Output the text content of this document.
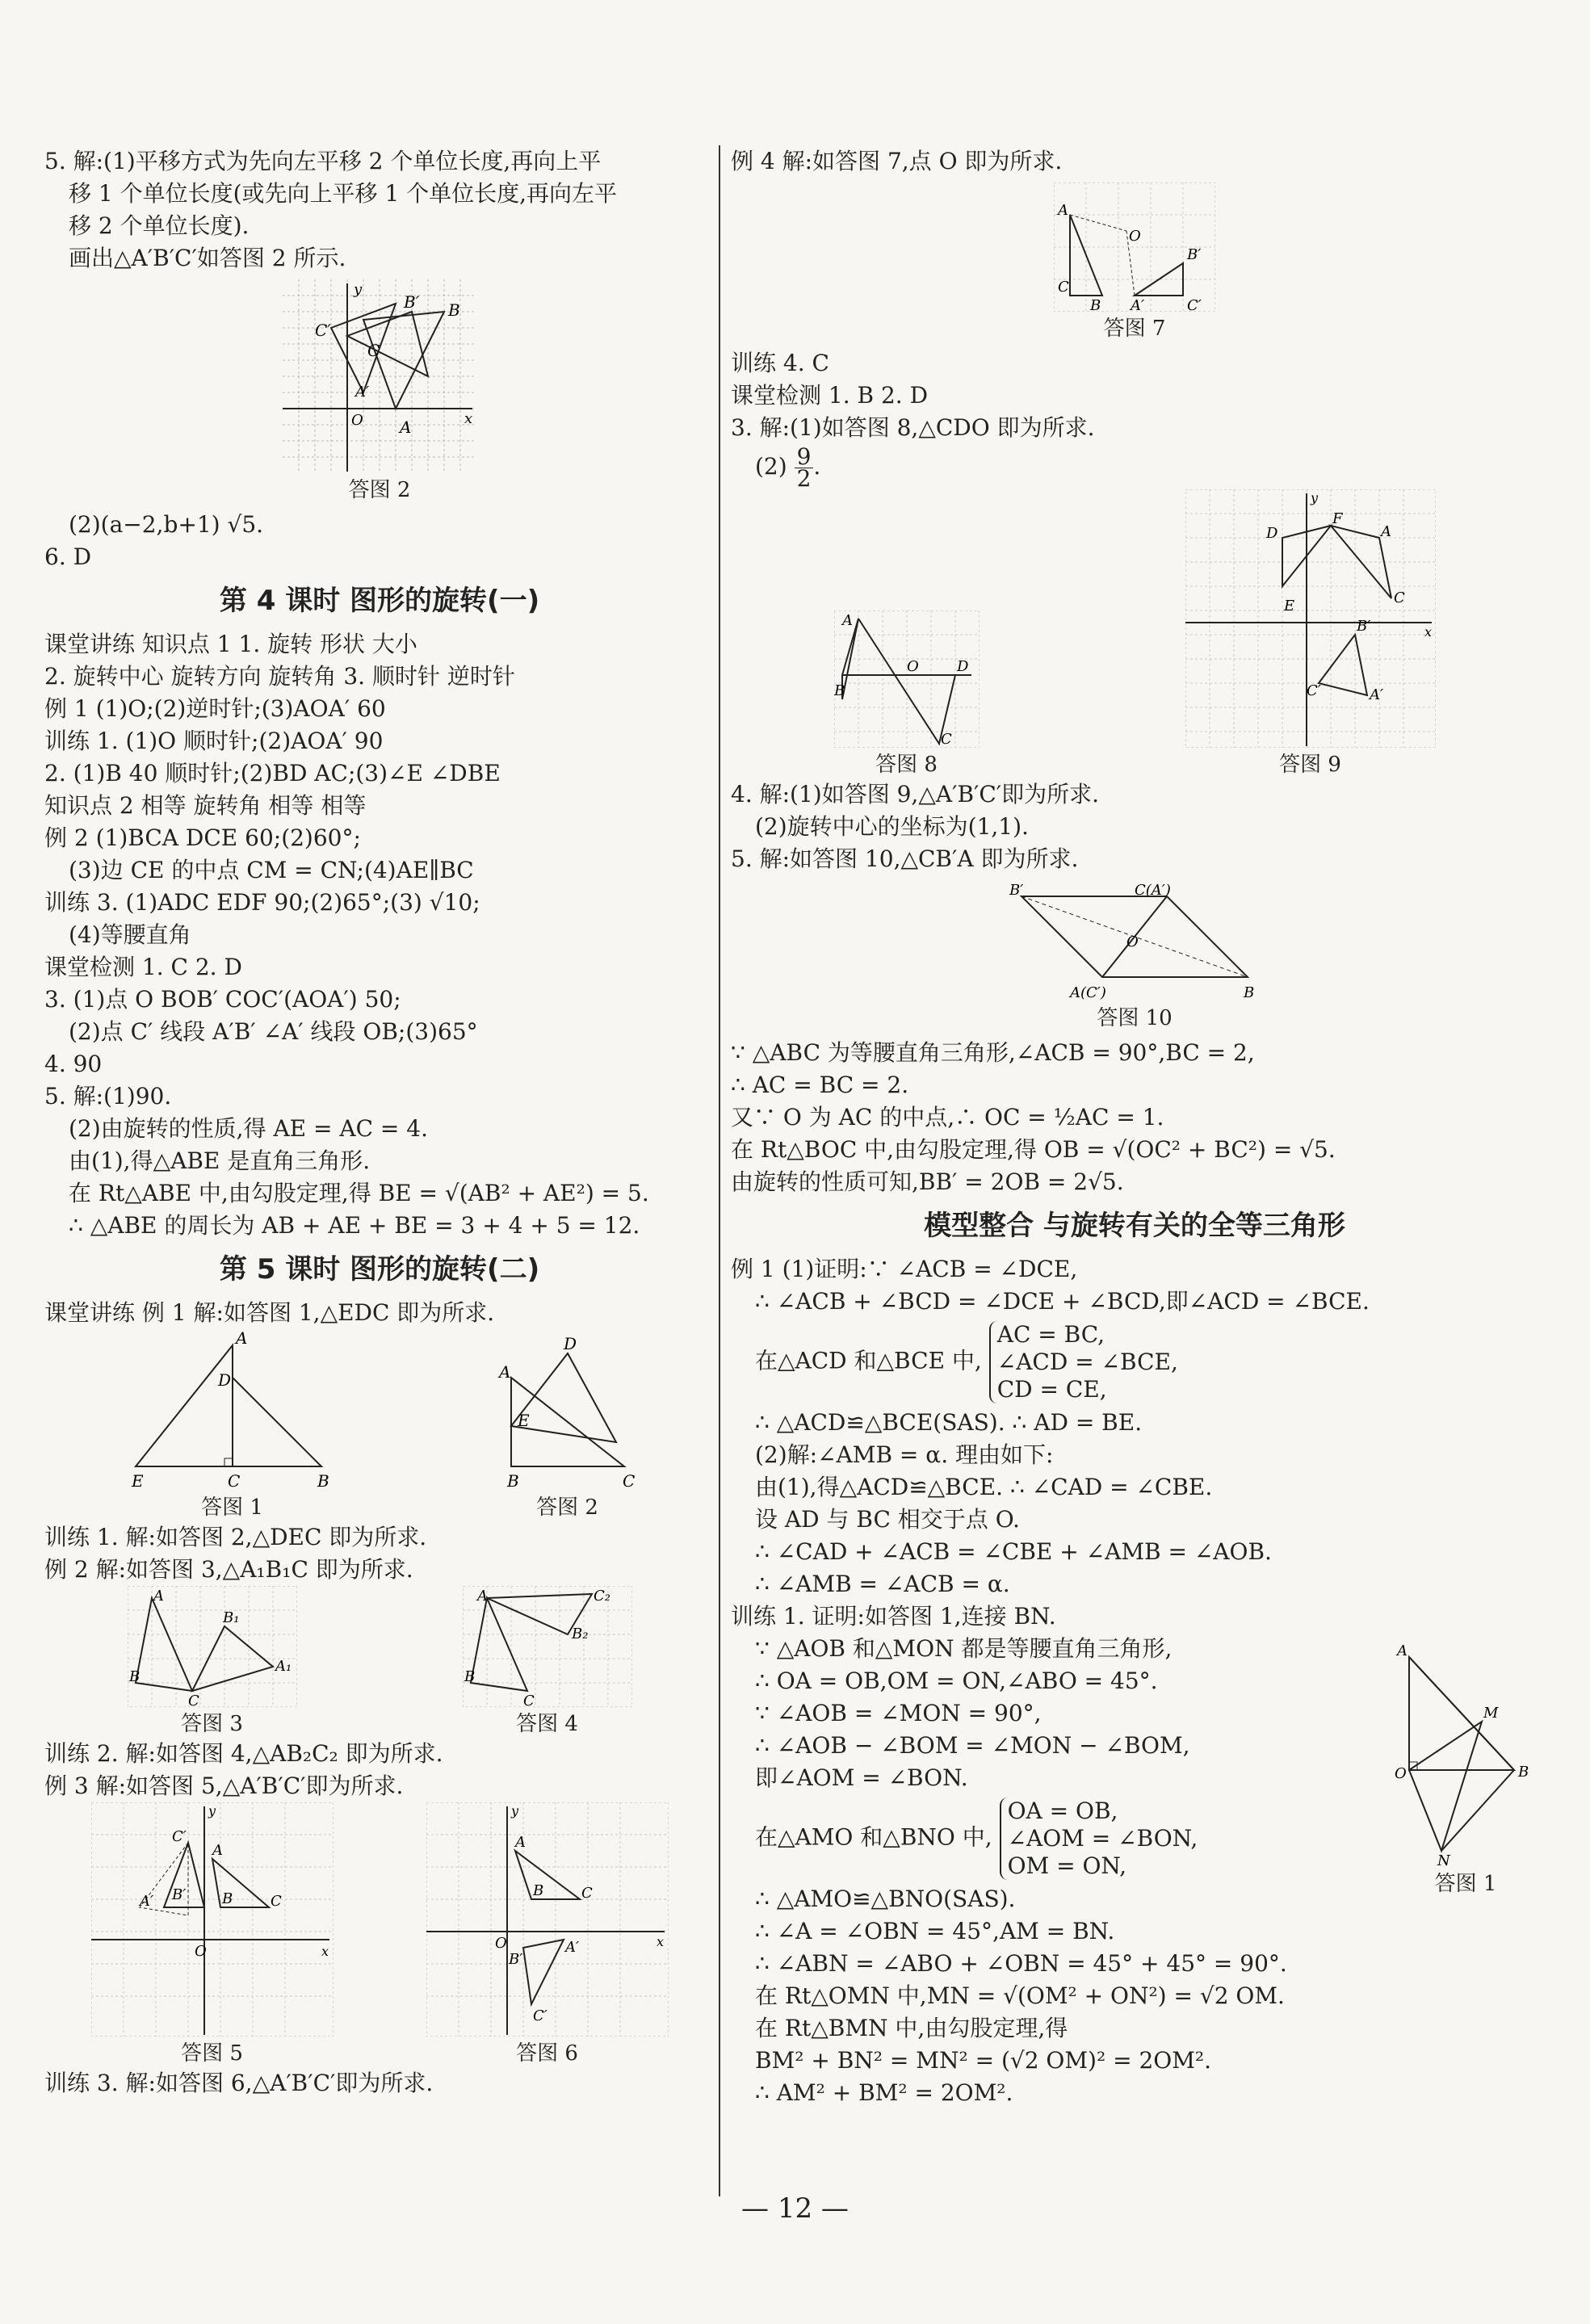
5. 解:(1)平移方式为先向左平移 2 个单位长度,再向上平
移 1 个单位长度(或先向上平移 1 个单位长度,再向左平
移 2 个单位长度).
画出△A′B′C′如答图 2 所示.
B
B′
C′
C
A′
A
O	x
y
答图 2
(2)(a−2,b+1) √5.
6. D
第 4 课时 图形的旋转(一)
课堂讲练 知识点 1 1. 旋转 形状 大小
2. 旋转中心 旋转方向 旋转角 3. 顺时针 逆时针
例 1 (1)O;(2)逆时针;(3)AOA′ 60
训练 1. (1)O 顺时针;(2)AOA′ 90
2. (1)B 40 顺时针;(2)BD AC;(3)∠E ∠DBE
知识点 2 相等 旋转角 相等 相等
例 2 (1)BCA DCE 60;(2)60°;
(3)边 CE 的中点 CM = CN;(4)AE∥BC
训练 3. (1)ADC EDF 90;(2)65°;(3) √10;
(4)等腰直角
课堂检测 1. C 2. D
3. (1)点 O BOB′ COC′(AOA′) 50;
(2)点 C′ 线段 A′B′ ∠A′ 线段 OB;(3)65°
4. 90
5. 解:(1)90.
(2)由旋转的性质,得 AE = AC = 4.
由(1),得△ABE 是直角三角形.
在 Rt△ABE 中,由勾股定理,得 BE = √(AB² + AE²) = 5.
∴ △ABE 的周长为 AB + AE + BE = 3 + 4 + 5 = 12.
第 5 课时 图形的旋转(二)
课堂讲练 例 1 解:如答图 1,△EDC 即为所求.
A
D
E	C	B
答图 1
A
D
E
B	C
答图 2
训练 1. 解:如答图 2,△DEC 即为所求.
例 2 解:如答图 3,△A₁B₁C 即为所求.
A
B
C
B₁
A₁
答图 3
A
B
C
C₂
B₂
答图 4
训练 2. 解:如答图 4,△AB₂C₂ 即为所求.
例 3 解:如答图 5,△A′B′C′即为所求.
A
B	C
A′
C′
B′
O	x
y
答图 5
A
B	C
A′
B′
C′
O	x
y
答图 6
训练 3. 解:如答图 6,△A′B′C′即为所求.
例 4 解:如答图 7,点 O 即为所求.
A
C
B
O
A′
B′
C′
答图 7
训练 4. C
课堂检测 1. B 2. D
3. 解:(1)如答图 8,△CDO 即为所求.
$(2) \frac{9}{2}$ .
A
B
O	D
C
答图 8
D
F
A
C
E
B′
A′
C′
x
y
答图 9
4. 解:(1)如答图 9,△A′B′C′即为所求.
(2)旋转中心的坐标为(1,1).
5. 解:如答图 10,△CB′A 即为所求.
B′	C(A′)
O
A(C′)	B
答图 10
∵ △ABC 为等腰直角三角形,∠ACB = 90°,BC = 2,
∴ AC = BC = 2.
又∵ O 为 AC 的中点,∴ OC = ½AC = 1.
在 Rt△BOC 中,由勾股定理,得 OB = √(OC² + BC²) = √5.
由旋转的性质可知,BB′ = 2OB = 2√5.
模型整合 与旋转有关的全等三角形
例 1 (1)证明:∵ ∠ACB = ∠DCE,
∴ ∠ACB + ∠BCD = ∠DCE + ∠BCD,即∠ACD = ∠BCE.
在△ACD 和△BCE 中,
AC = BC,
∠ACD = ∠BCE,
CD = CE,
∴ △ACD≌△BCE(SAS). ∴ AD = BE.
(2)解:∠AMB = α. 理由如下:
由(1),得△ACD≌△BCE. ∴ ∠CAD = ∠CBE.
设 AD 与 BC 相交于点 O.
∴ ∠CAD + ∠ACB = ∠CBE + ∠AMB = ∠AOB.
∴ ∠AMB = ∠ACB = α.
训练 1. 证明:如答图 1,连接 BN.
∵ △AOB 和△MON 都是等腰直角三角形,
∴ OA = OB,OM = ON,∠ABO = 45°.
∵ ∠AOB = ∠MON = 90°,
∴ ∠AOB − ∠BOM = ∠MON − ∠BOM,
即∠AOM = ∠BON.
在△AMO 和△BNO 中,
OA = OB,
∠AOM = ∠BON,
OM = ON,
A
M
O	B
N
答图 1
∴ △AMO≌△BNO(SAS).
∴ ∠A = ∠OBN = 45°,AM = BN.
∴ ∠ABN = ∠ABO + ∠OBN = 45° + 45° = 90°.
在 Rt△OMN 中,MN = √(OM² + ON²) = √2 OM.
在 Rt△BMN 中,由勾股定理,得
BM² + BN² = MN² = (√2 OM)² = 2OM².
∴ AM² + BM² = 2OM².
— 12 —
